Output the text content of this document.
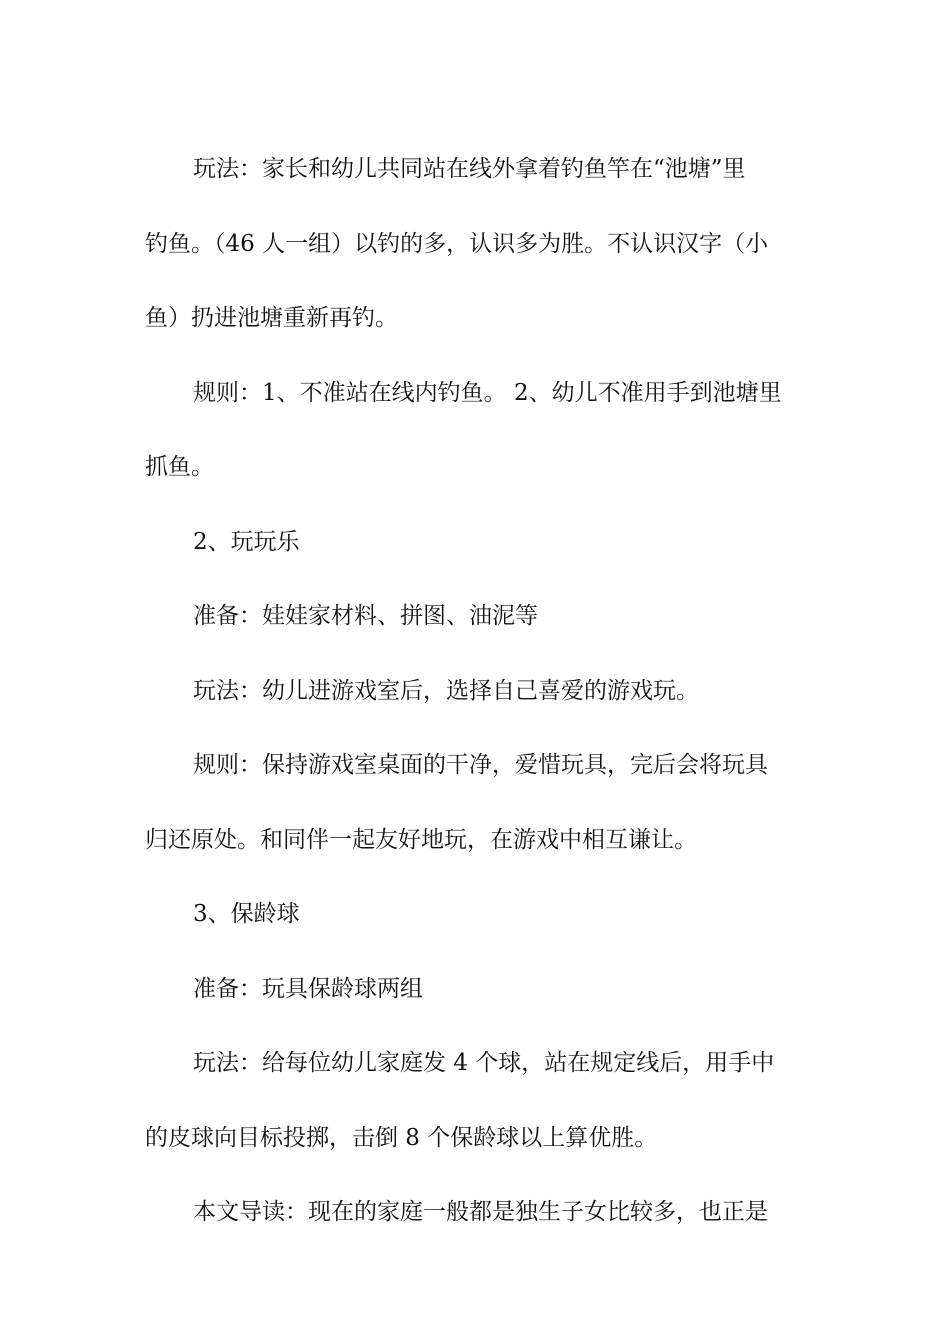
玩法：家长和幼儿共同站在线外拿着钓鱼竿在“池塘”里

钓鱼。（46 人一组）以钓的多，认识多为胜。不认识汉字（小

鱼）扔进池塘重新再钓。

规则：1、不准站在线内钓鱼。 2、幼儿不准用手到池塘里

抓鱼。

2、玩玩乐

准备：娃娃家材料、拼图、油泥等

玩法：幼儿进游戏室后，选择自己喜爱的游戏玩。

规则：保持游戏室桌面的干净，爱惜玩具，完后会将玩具

归还原处。和同伴一起友好地玩，在游戏中相互谦让。

3、保龄球

准备：玩具保龄球两组

玩法：给每位幼儿家庭发 4 个球，站在规定线后，用手中

的皮球向目标投掷，击倒 8 个保龄球以上算优胜。

本文导读：现在的家庭一般都是独生子女比较多，也正是
